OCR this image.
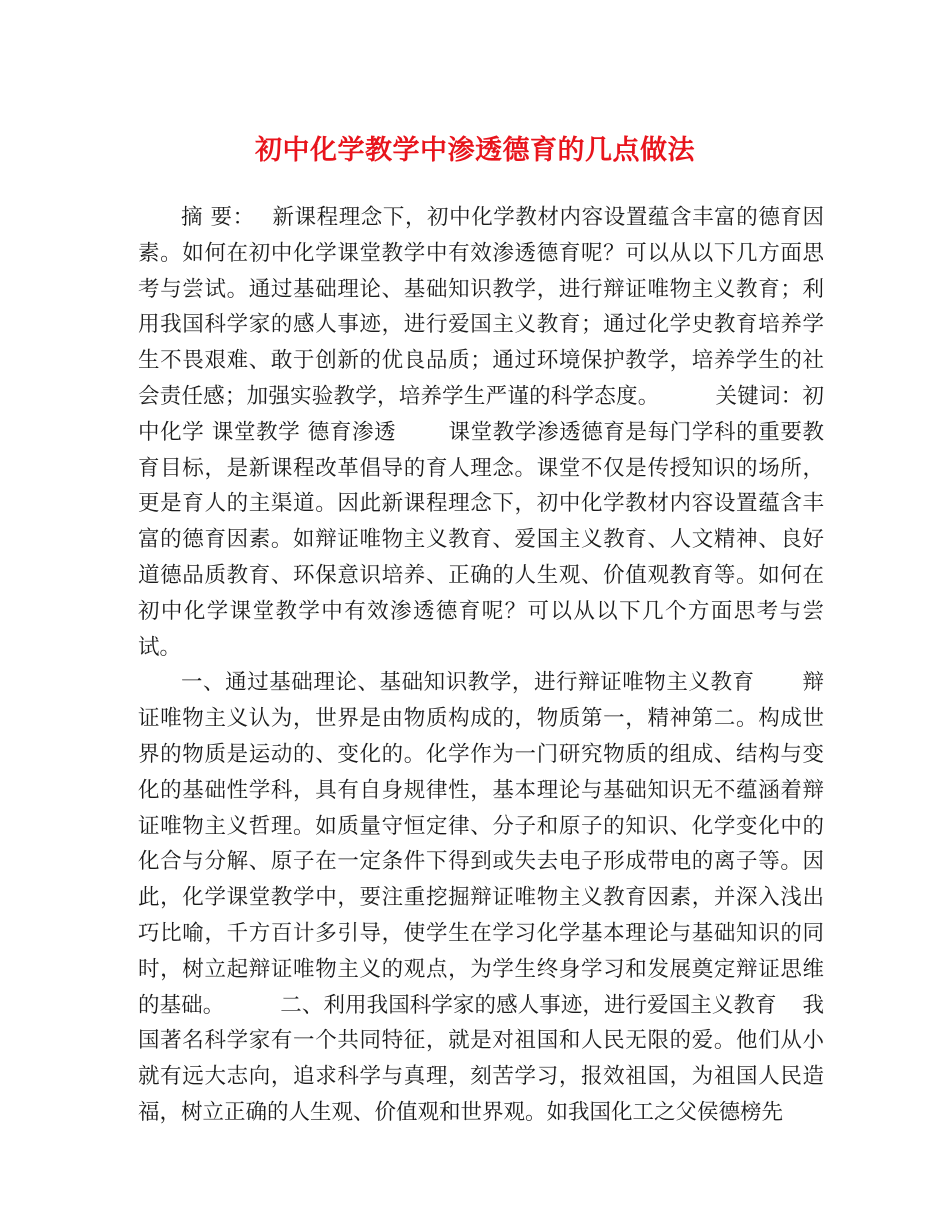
初中化学教学中渗透德育的几点做法

摘 要： 新课程理念下，初中化学教材内容设置蕴含丰富的德育因素。如何在初中化学课堂教学中有效渗透德育呢？可以从以下几方面思考与尝试。通过基础理论、基础知识教学，进行辩证唯物主义教育；利用我国科学家的感人事迹，进行爱国主义教育；通过化学史教育培养学生不畏艰难、敢于创新的优良品质；通过环境保护教学，培养学生的社会责任感；加强实验教学，培养学生严谨的科学态度。	关键词：初中化学 课堂教学 德育渗透 课堂教学渗透德育是每门学科的重要教育目标，是新课程改革倡导的育人理念。课堂不仅是传授知识的场所，更是育人的主渠道。因此新课程理念下，初中化学教材内容设置蕴含丰富的德育因素。如辩证唯物主义教育、爱国主义教育、人文精神、良好道德品质教育、环保意识培养、正确的人生观、价值观教育等。如何在初中化学课堂教学中有效渗透德育呢？可以从以下几个方面思考与尝试。

一、通过基础理论、基础知识教学，进行辩证唯物主义教育 辩证唯物主义认为，世界是由物质构成的，物质第一，精神第二。构成世界的物质是运动的、变化的。化学作为一门研究物质的组成、结构与变化的基础性学科，具有自身规律性，基本理论与基础知识无不蕴涵着辩证唯物主义哲理。如质量守恒定律、分子和原子的知识、化学变化中的化合与分解、原子在一定条件下得到或失去电子形成带电的离子等。因此，化学课堂教学中，要注重挖掘辩证唯物主义教育因素，并深入浅出巧比喻，千方百计多引导，使学生在学习化学基本理论与基础知识的同时，树立起辩证唯物主义的观点，为学生终身学习和发展奠定辩证思维的基础。	二、利用我国科学家的感人事迹，进行爱国主义教育 我国著名科学家有一个共同特征，就是对祖国和人民无限的爱。他们从小就有远大志向，追求科学与真理，刻苦学习，报效祖国，为祖国人民造福，树立正确的人生观、价值观和世界观。如我国化工之父侯德榜先
